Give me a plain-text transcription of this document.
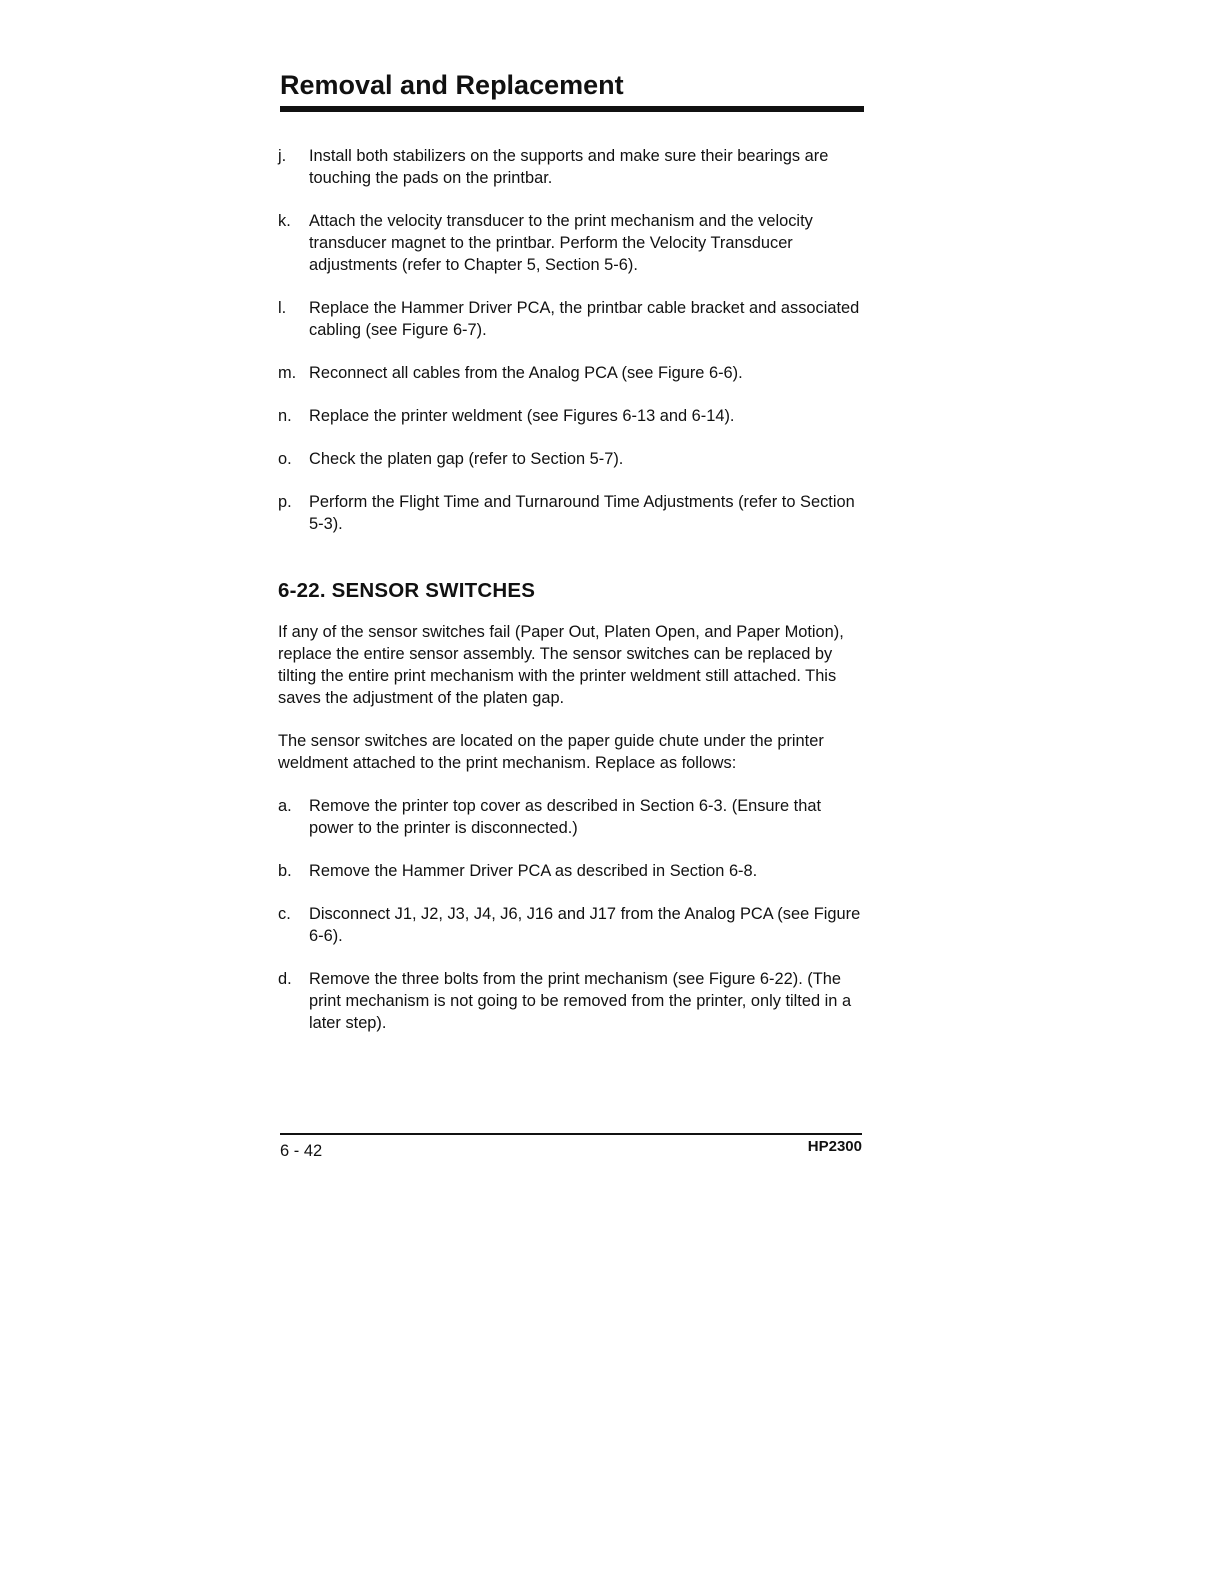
Removal and Replacement
j.	Install both stabilizers on the supports and make sure their bearings are touching the pads on the printbar.
k.	Attach the velocity transducer to the print mechanism and the velocity transducer magnet to the printbar. Perform the Velocity Transducer adjustments (refer to Chapter 5, Section 5-6).
l.	Replace the Hammer Driver PCA, the printbar cable bracket and associated cabling (see Figure 6-7).
m. Reconnect all cables from the Analog PCA (see Figure 6-6).
n.	Replace the printer weldment (see Figures 6-13 and 6-14).
o.	Check the platen gap (refer to Section 5-7).
p.	Perform the Flight Time and Turnaround Time Adjustments (refer to Section 5-3).
6-22. SENSOR SWITCHES

If any of the sensor switches fail (Paper Out, Platen Open, and Paper Motion), replace the entire sensor assembly. The sensor switches can be replaced by tilting the entire print mechanism with the printer weldment still attached. This saves the adjustment of the platen gap.

The sensor switches are located on the paper guide chute under the printer weldment attached to the print mechanism. Replace as follows:

a.	Remove the printer top cover as described in Section 6-3. (Ensure that power to the printer is disconnected.)
b.	Remove the Hammer Driver PCA as described in Section 6-8.
c.	Disconnect J1, J2, J3, J4, J6, J16 and J17 from the Analog PCA (see Figure 6-6).
d.	Remove the three bolts from the print mechanism (see Figure 6-22). (The print mechanism is not going to be removed from the printer, only tilted in a later step).
6 - 42	HP2300
